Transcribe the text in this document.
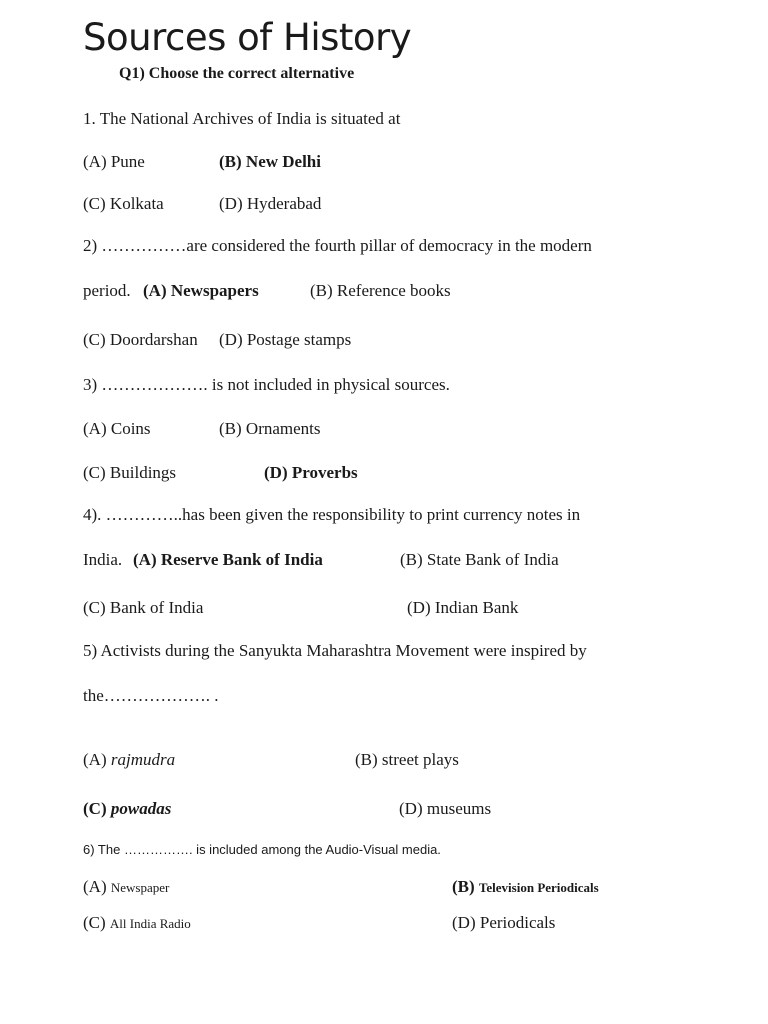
Sources of History
Q1) Choose the correct alternative
1. The National Archives of India is situated at
(A) Pune	(B) New Delhi
(C) Kolkata	(D) Hyderabad
2) ……………are considered the fourth pillar of democracy in the modern
period. (A) Newspapers	(B) Reference books
(C) Doordarshan (D) Postage stamps
3) ………………. is not included in physical sources.
(A) Coins	(B) Ornaments
(C) Buildings	(D) Proverbs
4). …………..has been given the responsibility to print currency notes in
India. (A) Reserve Bank of India	(B) State Bank of India
(C) Bank of India	(D) Indian Bank
5) Activists during the Sanyukta Maharashtra Movement were inspired by
the………………. .
(A) rajmudra	(B) street plays
(C) powadas	(D) museums
6) The ……………. is included among the Audio-Visual media.
(A) Newspaper	(B) Television Periodicals
(C) All India Radio	(D) Periodicals
